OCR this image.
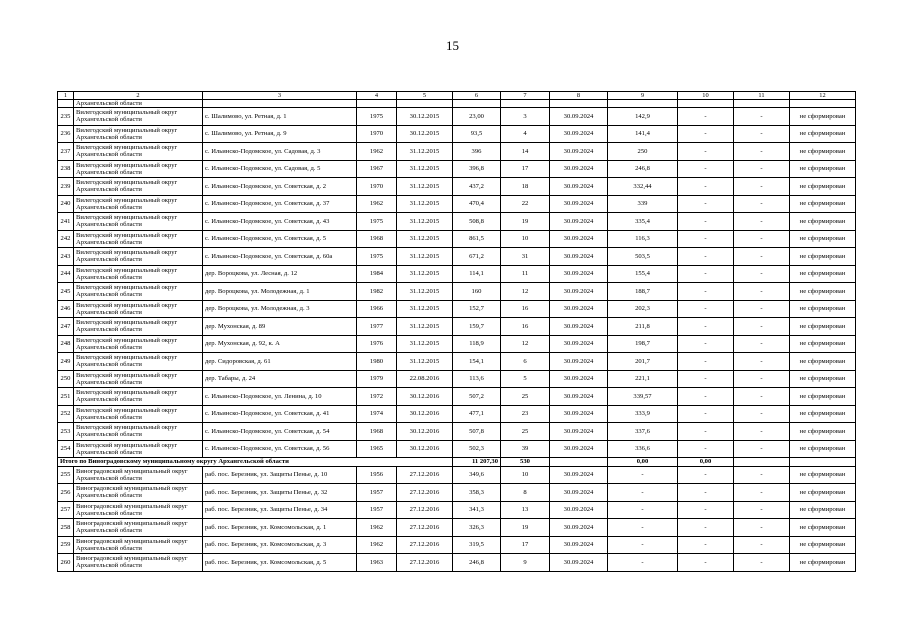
15
1	2	3	4	5	6	7	8	9	10	11	12
	Архангельской области										
235	Вилегодский муниципальный округ Архангельской области	с. Шалимово, ул. Ретная, д. 1	1975	30.12.2015	23,00	3	30.09.2024	142,9	-	-	не сформирован
236	Вилегодский муниципальный округ Архангельской области	с. Шалимово, ул. Ретная, д. 9	1970	30.12.2015	93,5	4	30.09.2024	141,4	-	-	не сформирован
237	Вилегодский муниципальный округ Архангельской области	с. Ильинско-Подомское, ул. Садовая, д. 3	1962	31.12.2015	396	14	30.09.2024	250	-	-	не сформирован
238	Вилегодский муниципальный округ Архангельской области	с. Ильинско-Подомское, ул. Садовая, д. 5	1967	31.12.2015	396,8	17	30.09.2024	246,8	-	-	не сформирован
239	Вилегодский муниципальный округ Архангельской области	с. Ильинско-Подомское, ул. Советская, д. 2	1970	31.12.2015	437,2	18	30.09.2024	332,44	-	-	не сформирован
240	Вилегодский муниципальный округ Архангельской области	с. Ильинско-Подомское, ул. Советская, д. 37	1962	31.12.2015	470,4	22	30.09.2024	339	-	-	не сформирован
241	Вилегодский муниципальный округ Архангельской области	с. Ильинско-Подомское, ул. Советская, д. 43	1975	31.12.2015	508,8	19	30.09.2024	335,4	-	-	не сформирован
242	Вилегодский муниципальный округ Архангельской области	с. Ильинско-Подомское, ул. Советская, д. 5	1968	31.12.2015	861,5	10	30.09.2024	116,3	-	-	не сформирован
243	Вилегодский муниципальный округ Архангельской области	с. Ильинско-Подомское, ул. Советская, д. 60а	1975	31.12.2015	671,2	31	30.09.2024	503,5	-	-	не сформирован
244	Вилегодский муниципальный округ Архангельской области	дер. Вороцкова, ул. Лесная, д. 12	1984	31.12.2015	114,1	11	30.09.2024	155,4	-	-	не сформирован
245	Вилегодский муниципальный округ Архангельской области	дер. Вороцкова, ул. Молодежная, д. 1	1982	31.12.2015	160	12	30.09.2024	188,7	-	-	не сформирован
246	Вилегодский муниципальный округ Архангельской области	дер. Вороцкова, ул. Молодежная, д. 3	1966	31.12.2015	152,7	16	30.09.2024	202,3	-	-	не сформирован
247	Вилегодский муниципальный округ Архангельской области	дер. Мухонская, д. 89	1977	31.12.2015	159,7	16	30.09.2024	211,8	-	-	не сформирован
248	Вилегодский муниципальный округ Архангельской области	дер. Мухонская, д. 92, к. А	1976	31.12.2015	118,9	12	30.09.2024	198,7	-	-	не сформирован
249	Вилегодский муниципальный округ Архангельской области	дер. Сидоровская, д. 61	1980	31.12.2015	154,1	6	30.09.2024	201,7	-	-	не сформирован
250	Вилегодский муниципальный округ Архангельской области	дер. Табары, д. 24	1979	22.08.2016	113,6	5	30.09.2024	221,1	-	-	не сформирован
251	Вилегодский муниципальный округ Архангельской области	с. Ильинско-Подомское, ул. Ленина, д. 10	1972	30.12.2016	507,2	25	30.09.2024	339,57	-	-	не сформирован
252	Вилегодский муниципальный округ Архангельской области	с. Ильинско-Подомское, ул. Советская, д. 41	1974	30.12.2016	477,1	23	30.09.2024	333,9	-	-	не сформирован
253	Вилегодский муниципальный округ Архангельской области	с. Ильинско-Подомское, ул. Советская, д. 54	1968	30.12.2016	507,8	25	30.09.2024	337,6	-	-	не сформирован
254	Вилегодский муниципальный округ Архангельской области	с. Ильинско-Подомское, ул. Советская, д. 56	1965	30.12.2016	502,3	39	30.09.2024	336,6	-	-	не сформирован
Итого по Виноградовскому муниципальному округу Архангельской области					11 207,30	530		0,00	0,00		
255	Виноградовский муниципальный округ Архангельской области	раб. пос. Березник, ул. Защиты Пенье, д. 10	1956	27.12.2016	349,6	10	30.09.2024	-	-	-	не сформирован
256	Виноградовский муниципальный округ Архангельской области	раб. пос. Березник, ул. Защиты Пенье, д. 32	1957	27.12.2016	358,3	8	30.09.2024	-	-	-	не сформирован
257	Виноградовский муниципальный округ Архангельской области	раб. пос. Березник, ул. Защиты Пенье, д. 34	1957	27.12.2016	341,3	13	30.09.2024	-	-	-	не сформирован
258	Виноградовский муниципальный округ Архангельской области	раб. пос. Березник, ул. Комсомольская, д. 1	1962	27.12.2016	326,3	19	30.09.2024	-	-	-	не сформирован
259	Виноградовский муниципальный округ Архангельской области	раб. пос. Березник, ул. Комсомольская, д. 3	1962	27.12.2016	319,5	17	30.09.2024	-	-	-	не сформирован
260	Виноградовский муниципальный округ Архангельской области	раб. пос. Березник, ул. Комсомольская, д. 5	1963	27.12.2016	246,8	9	30.09.2024	-	-	-	не сформирован
